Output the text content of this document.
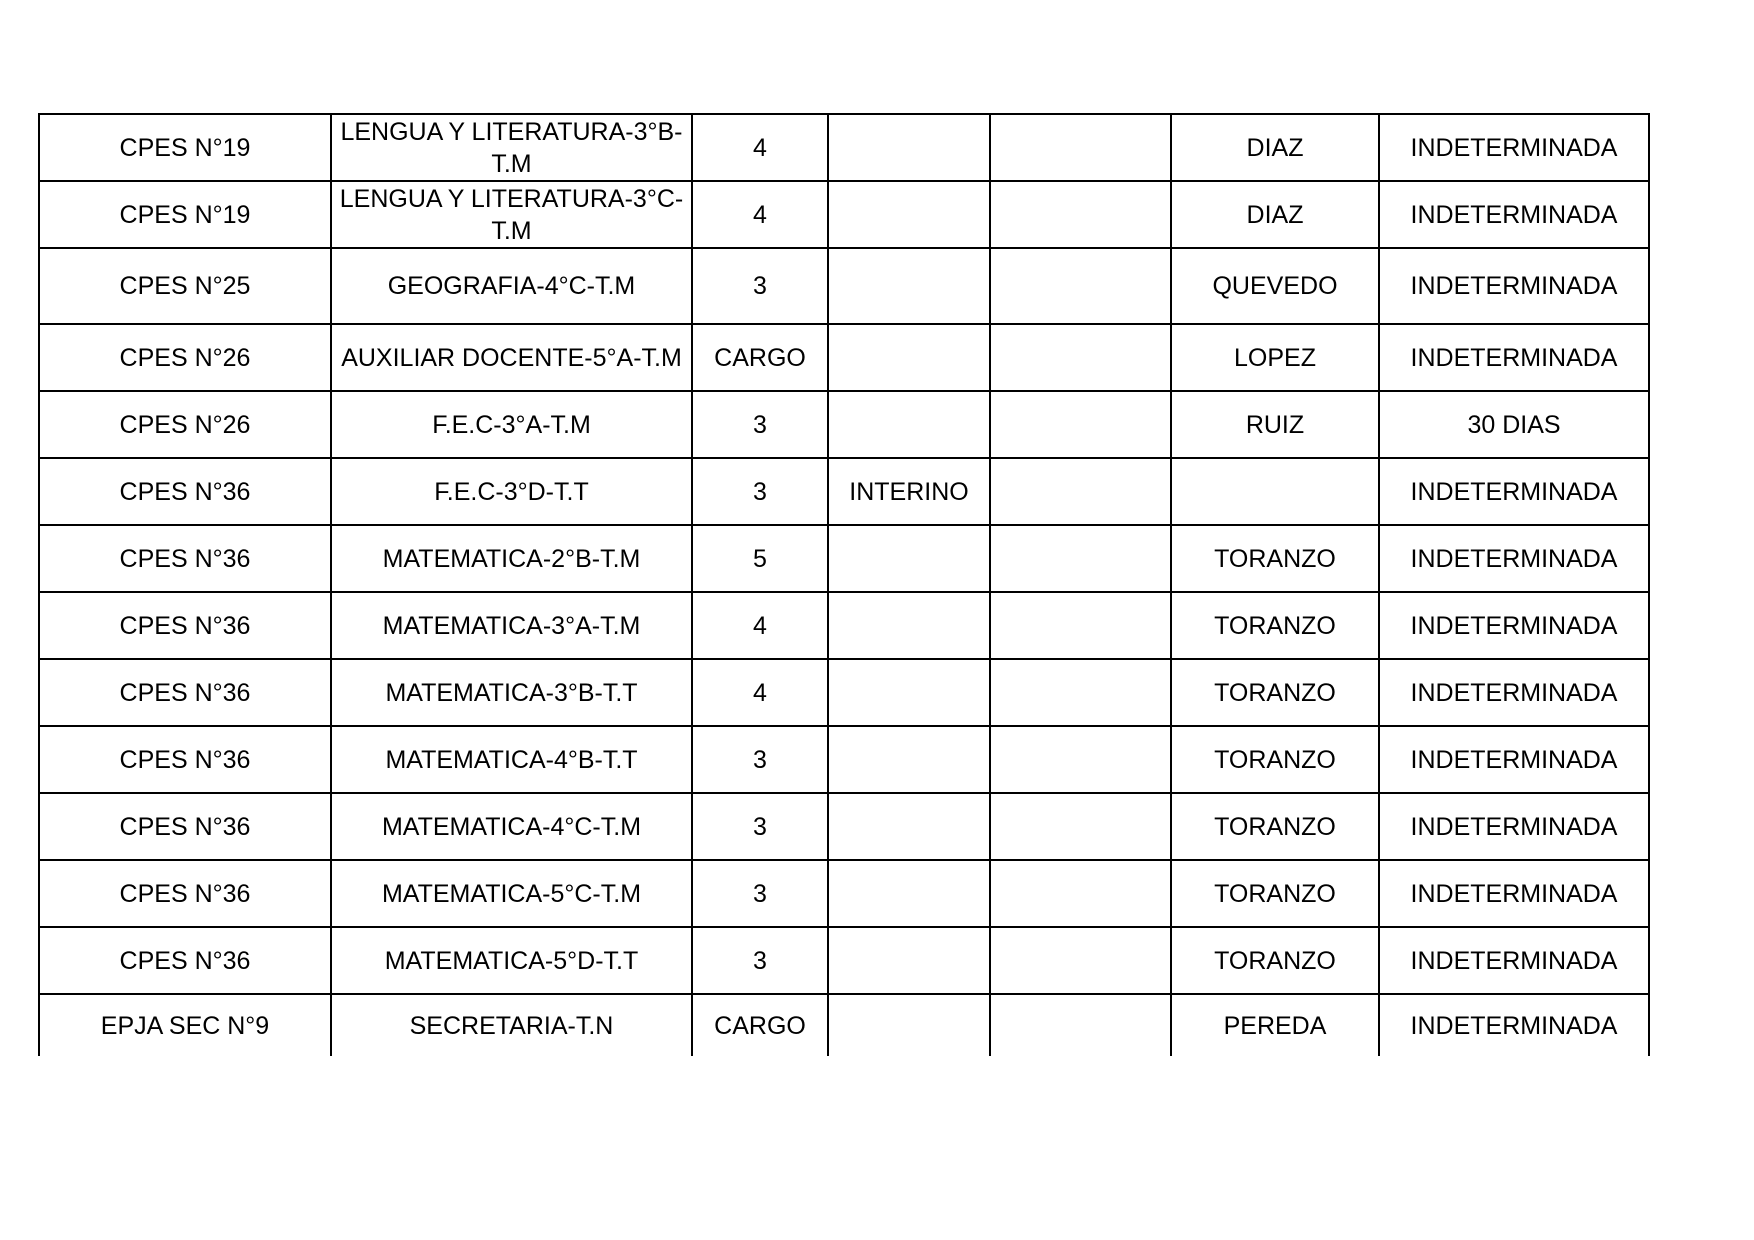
CPES N°19	LENGUA Y LITERATURA-3°B-T.M	4			DIAZ	INDETERMINADA
CPES N°19	LENGUA Y LITERATURA-3°C-T.M	4			DIAZ	INDETERMINADA
CPES N°25	GEOGRAFIA-4°C-T.M	3			QUEVEDO	INDETERMINADA
CPES N°26	AUXILIAR DOCENTE-5°A-T.M	CARGO			LOPEZ	INDETERMINADA
CPES N°26	F.E.C-3°A-T.M	3			RUIZ	30 DIAS
CPES N°36	F.E.C-3°D-T.T	3	INTERINO			INDETERMINADA
CPES N°36	MATEMATICA-2°B-T.M	5			TORANZO	INDETERMINADA
CPES N°36	MATEMATICA-3°A-T.M	4			TORANZO	INDETERMINADA
CPES N°36	MATEMATICA-3°B-T.T	4			TORANZO	INDETERMINADA
CPES N°36	MATEMATICA-4°B-T.T	3			TORANZO	INDETERMINADA
CPES N°36	MATEMATICA-4°C-T.M	3			TORANZO	INDETERMINADA
CPES N°36	MATEMATICA-5°C-T.M	3			TORANZO	INDETERMINADA
CPES N°36	MATEMATICA-5°D-T.T	3			TORANZO	INDETERMINADA
EPJA SEC N°9	SECRETARIA-T.N	CARGO			PEREDA	INDETERMINADA
